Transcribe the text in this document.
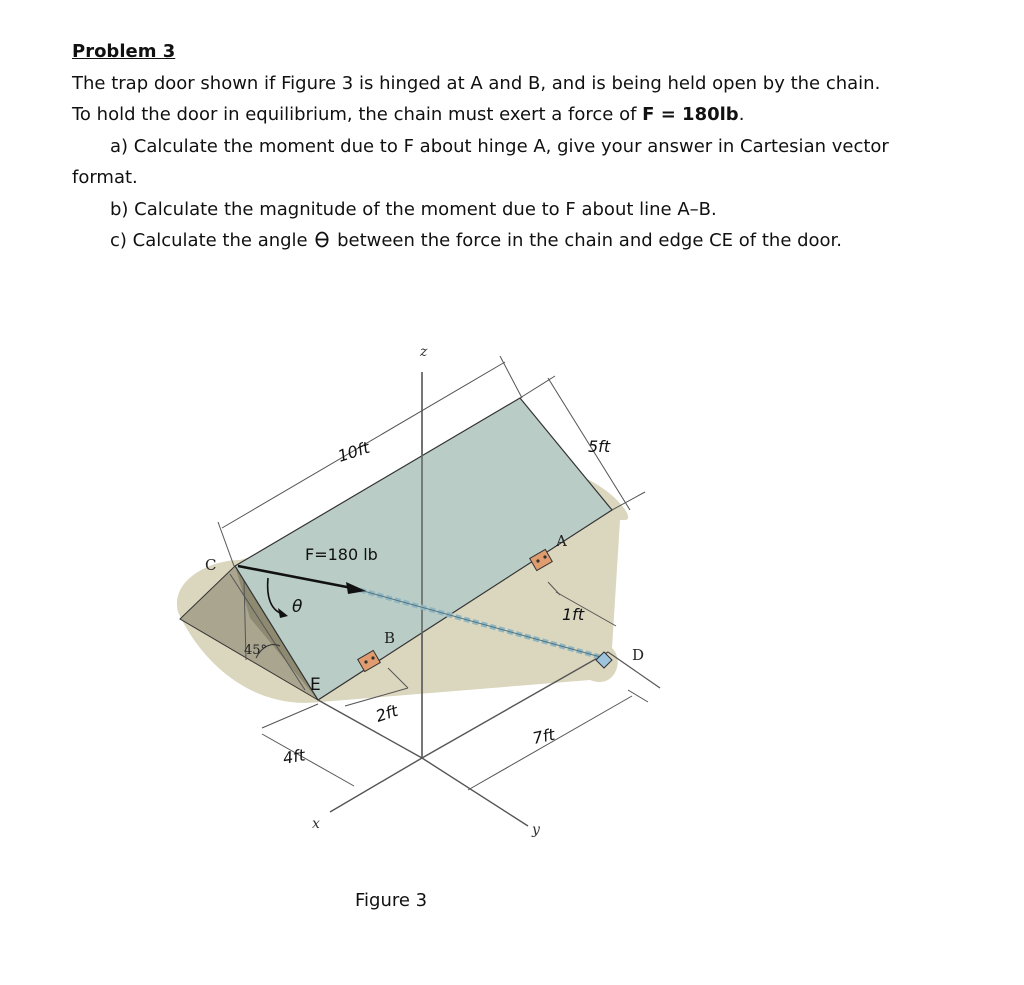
Problem 3

The trap door shown if Figure 3 is hinged at A and B, and is being held open by the chain.

To hold the door in equilibrium, the chain must exert a force of F = 180lb.

a) Calculate the moment due to F about hinge A, give your answer in Cartesian vector

format.

b) Calculate the magnitude of the moment due to F about line A–B.

c) Calculate the angle  between the force in the chain and edge CE of the door.

z
x	y
C
A
B
D
E
45°
10ft	5ft
1ft
2ft
4ft
7ft
F=180 lb
θ
Figure 3
